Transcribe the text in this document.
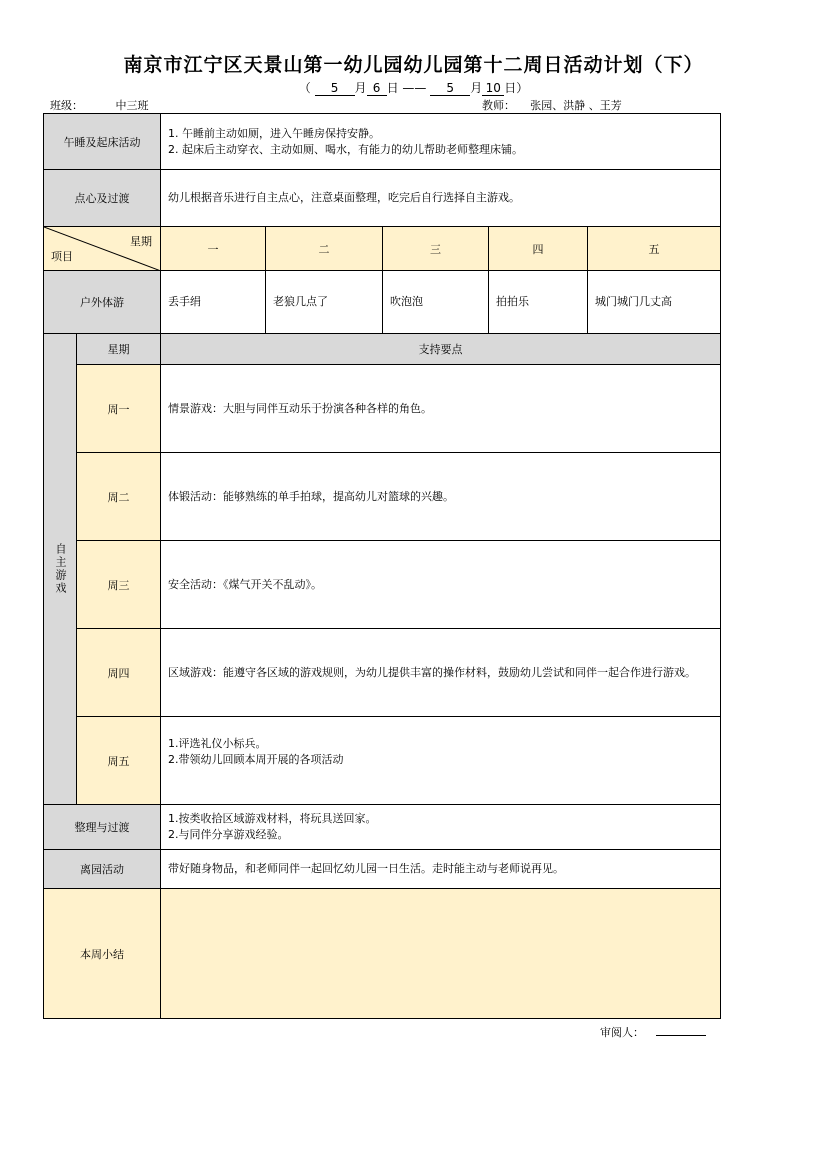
南京市江宁区天景山第一幼儿园幼儿园第十二周日活动计划（下）
（ 5 月 6 日 —— 5 月 10 日）
班级：	中三班	教师： 张园、洪静 、王芳
午睡及起床活动		1. 午睡前主动如厕，进入午睡房保持安静。
2. 起床后主动穿衣、主动如厕、喝水，有能力的幼儿帮助老师整理床铺。				

点心及过渡		幼儿根据音乐进行自主点心，注意桌面整理，吃完后自行选择自主游戏。				

星期
项目		一	二	三	四	五
户外体游		丢手绢	老狼几点了	吹泡泡	拍拍乐	城门城门几丈高

自主游戏	星期	支持要点				
	周一	情景游戏：大胆与同伴互动乐于扮演各种各样的角色。				

	周二	体锻活动：能够熟练的单手拍球，提高幼儿对篮球的兴趣。				

	周三	安全活动：《煤气开关不乱动》。				

	周四	区域游戏：能遵守各区域的游戏规则，为幼儿提供丰富的操作材料，鼓励幼儿尝试和同伴一起合作进行游戏。				

	周五	1.评选礼仪小标兵。
2.带领幼儿回顾本周开展的各项活动				

整理与过渡		1.按类收拾区域游戏材料，将玩具送回家。
2.与同伴分享游戏经验。				

离园活动		带好随身物品，和老师同伴一起回忆幼儿园一日生活。走时能主动与老师说再见。				

本周小结						
审阅人：
